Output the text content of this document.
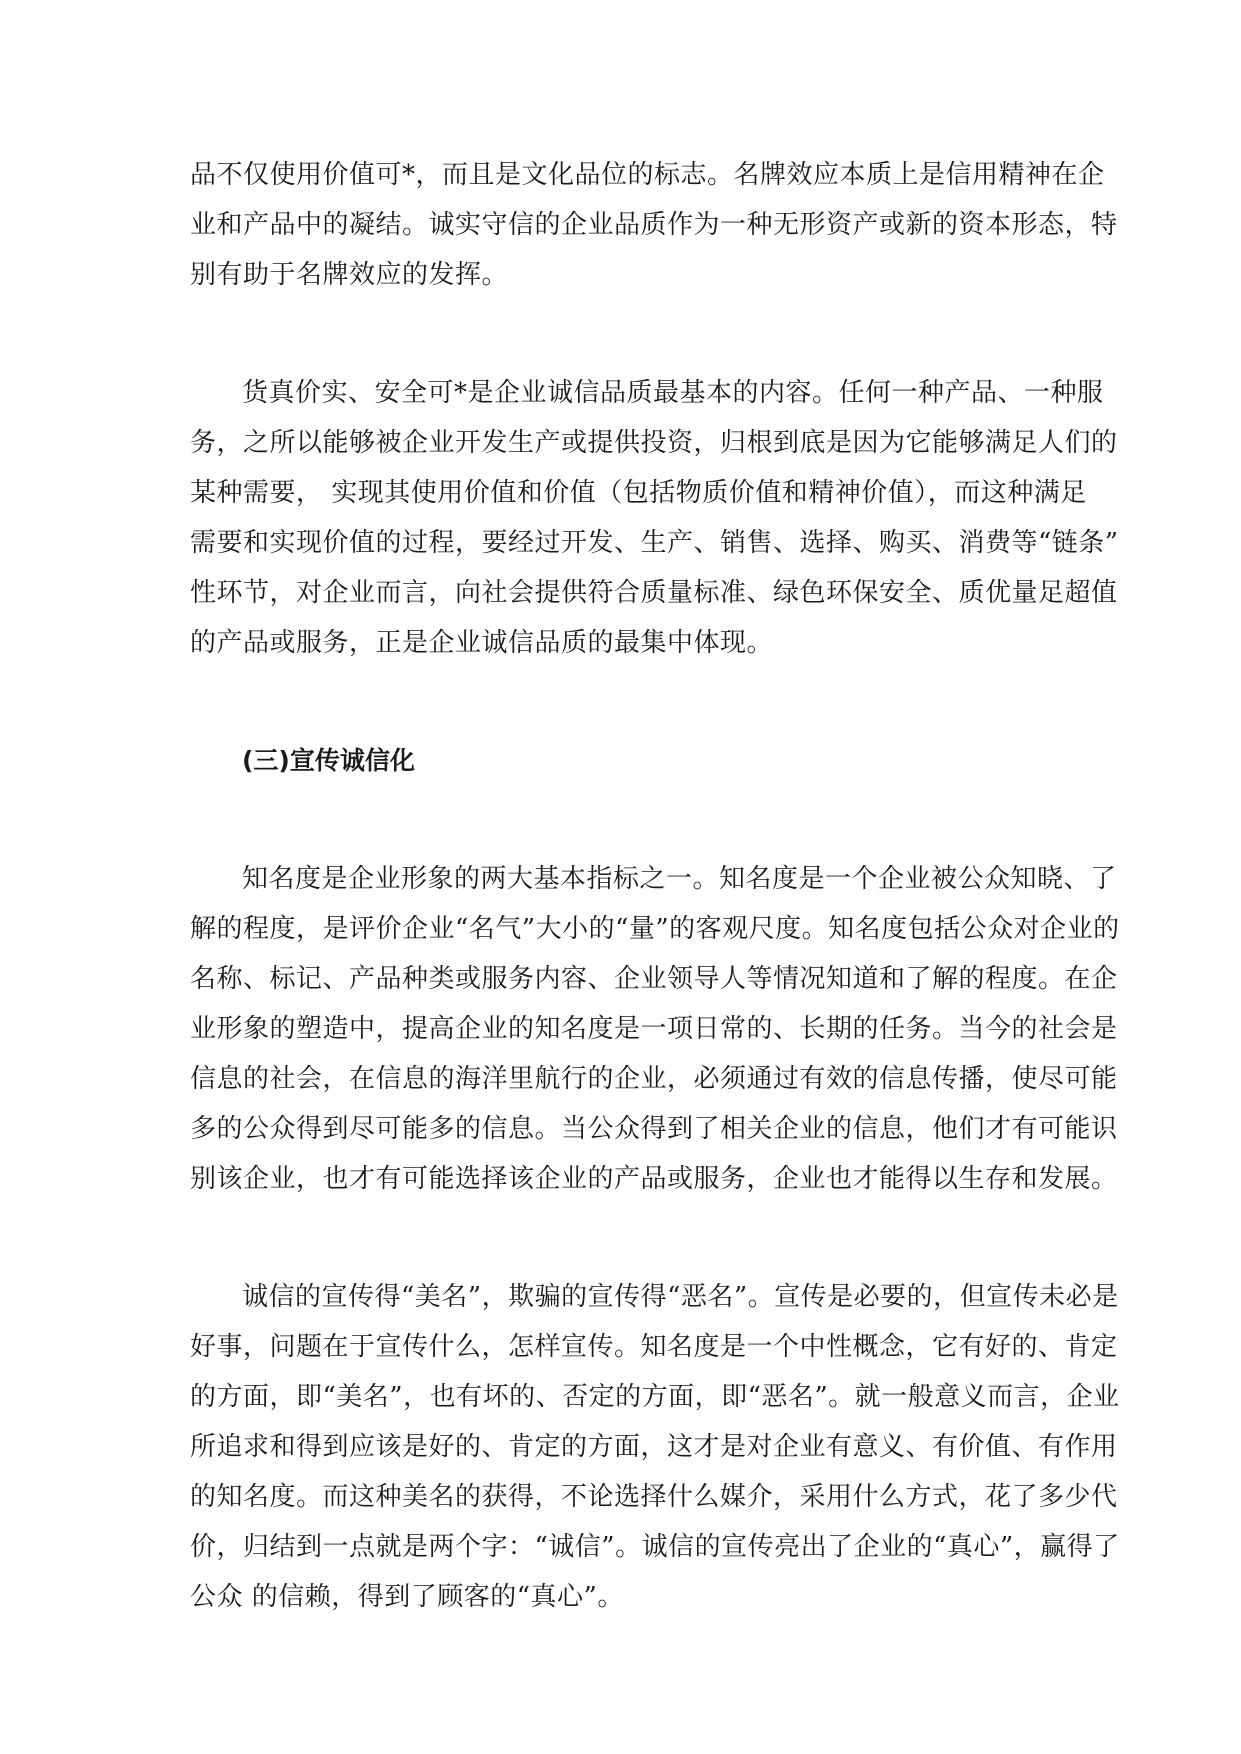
品不仅使用价值可*，而且是文化品位的标志。名牌效应本质上是信用精神在企
业和产品中的凝结。诚实守信的企业品质作为一种无形资产或新的资本形态，特
别有助于名牌效应的发挥。
货真价实、安全可*是企业诚信品质最基本的内容。任何一种产品、一种服
务，之所以能够被企业开发生产或提供投资，归根到底是因为它能够满足人们的
某种需要， 实现其使用价值和价值（包括物质价值和精神价值），而这种满足
需要和实现价值的过程，要经过开发、生产、销售、选择、购买、消费等“链条”
性环节，对企业而言，向社会提供符合质量标准、绿色环保安全、质优量足超值
的产品或服务，正是企业诚信品质的最集中体现。
(三)宣传诚信化
知名度是企业形象的两大基本指标之一。知名度是一个企业被公众知晓、了
解的程度，是评价企业“名气”大小的“量”的客观尺度。知名度包括公众对企业的
名称、标记、产品种类或服务内容、企业领导人等情况知道和了解的程度。在企
业形象的塑造中，提高企业的知名度是一项日常的、长期的任务。当今的社会是
信息的社会，在信息的海洋里航行的企业，必须通过有效的信息传播，使尽可能
多的公众得到尽可能多的信息。当公众得到了相关企业的信息，他们才有可能识
别该企业，也才有可能选择该企业的产品或服务，企业也才能得以生存和发展。
诚信的宣传得“美名”，欺骗的宣传得“恶名”。宣传是必要的，但宣传未必是
好事，问题在于宣传什么，怎样宣传。知名度是一个中性概念，它有好的、肯定
的方面，即“美名”，也有坏的、否定的方面，即“恶名”。就一般意义而言，企业
所追求和得到应该是好的、肯定的方面，这才是对企业有意义、有价值、有作用
的知名度。而这种美名的获得，不论选择什么媒介，采用什么方式，花了多少代
价，归结到一点就是两个字：“诚信”。诚信的宣传亮出了企业的“真心”，赢得了
公众 的信赖，得到了顾客的“真心”。
